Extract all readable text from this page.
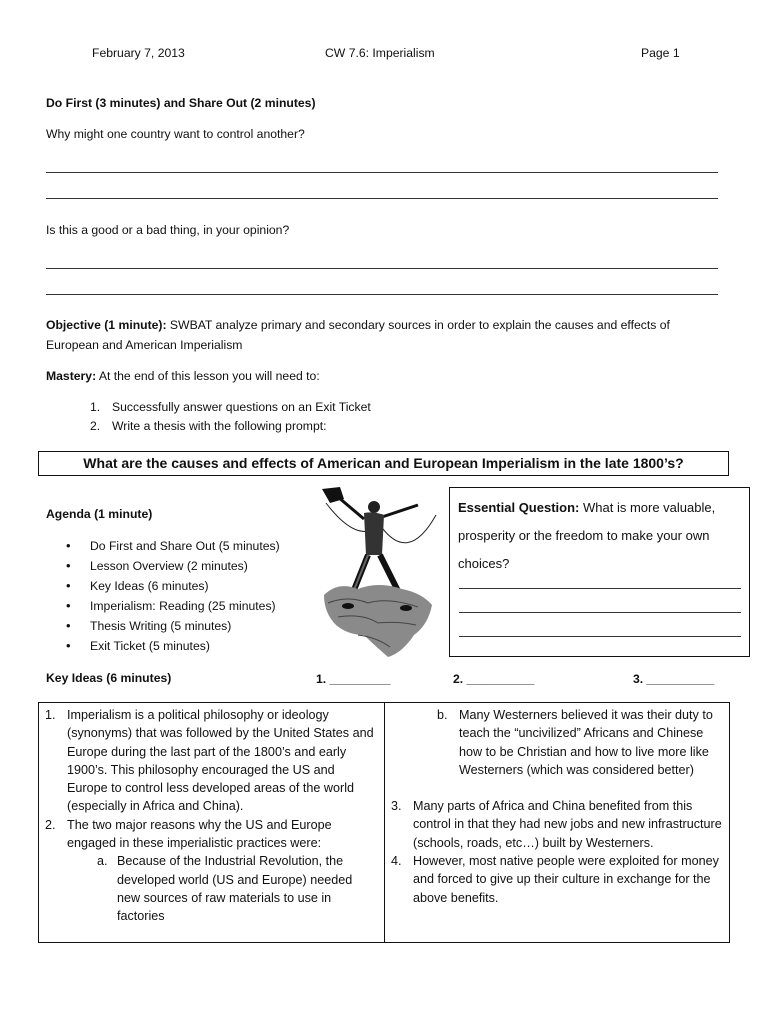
February 7, 2013	CW 7.6: Imperialism	Page 1
Do First (3 minutes) and Share Out (2 minutes)
Why might one country want to control another?
Is this a good or a bad thing, in your opinion?
Objective (1 minute): SWBAT analyze primary and secondary sources in order to explain the causes and effects of
European and American Imperialism
Mastery: At the end of this lesson you will need to:
1. Successfully answer questions on an Exit Ticket
2. Write a thesis with the following prompt:
What are the causes and effects of American and European Imperialism in the late 1800’s?
Agenda (1 minute)
• Do First and Share Out (5 minutes)
• Lesson Overview (2 minutes)
• Key Ideas (6 minutes)
• Imperialism: Reading (25 minutes)
• Thesis Writing (5 minutes)
• Exit Ticket (5 minutes)
Essential Question: What is more valuable, prosperity or the freedom to make your own choices?
Key Ideas (6 minutes)	1. _________	2. __________	3. __________
1. Imperialism is a political philosophy or ideology (synonyms) that was followed by the United States and Europe during the last part of the 1800’s and early 1900’s. This philosophy encouraged the US and Europe to control less developed areas of the world (especially in Africa and China).
2. The two major reasons why the US and Europe engaged in these imperialistic practices were:
a. Because of the Industrial Revolution, the developed world (US and Europe) needed new sources of raw materials to use in factories
b. Many Westerners believed it was their duty to teach the “uncivilized” Africans and Chinese how to be Christian and how to live more like Westerners (which was considered better)
3. Many parts of Africa and China benefited from this control in that they had new jobs and new infrastructure (schools, roads, etc…) built by Westerners.
4. However, most native people were exploited for money and forced to give up their culture in exchange for the above benefits.
